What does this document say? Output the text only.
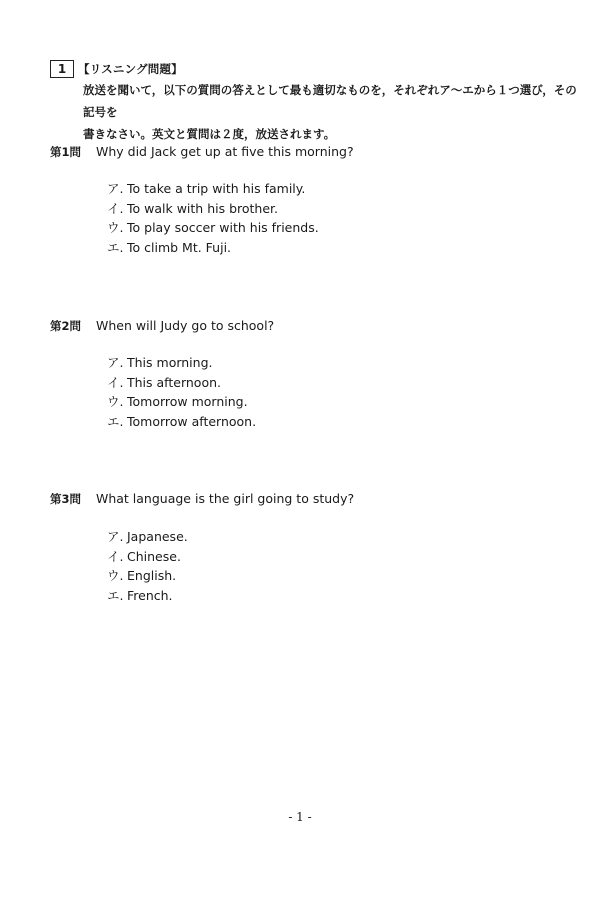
1	【リスニング問題】

放送を聞いて，以下の質問の答えとして最も適切なものを，それぞれア～エから１つ選び，その記号を

書きなさい。英文と質問は２度，放送されます。

第1問 Why did Jack get up at five this morning?
ア. To take a trip with his family.
イ. To walk with his brother.
ウ. To play soccer with his friends.
エ. To climb Mt. Fuji.
第2問 When will Judy go to school?
ア. This morning.
イ. This afternoon.
ウ. Tomorrow morning.
エ. Tomorrow afternoon.
第3問 What language is the girl going to study?
ア. Japanese.
イ. Chinese.
ウ. English.
エ. French.
- 1 -
